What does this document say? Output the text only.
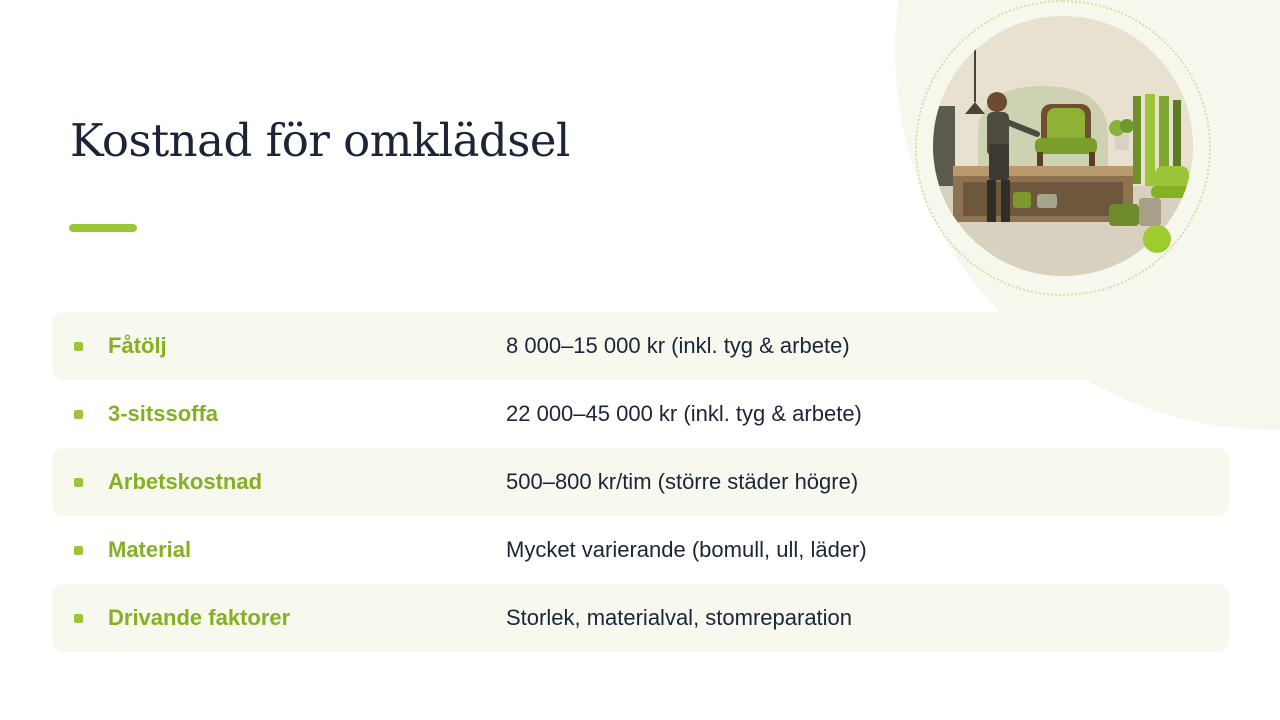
Kostnad för omklädsel
Fåtölj	8 000–15 000 kr (inkl. tyg & arbete)
3-sitssoffa	22 000–45 000 kr (inkl. tyg & arbete)
Arbetskostnad	500–800 kr/tim (större städer högre)
Material	Mycket varierande (bomull, ull, läder)
Drivande faktorer	Storlek, materialval, stomreparation
